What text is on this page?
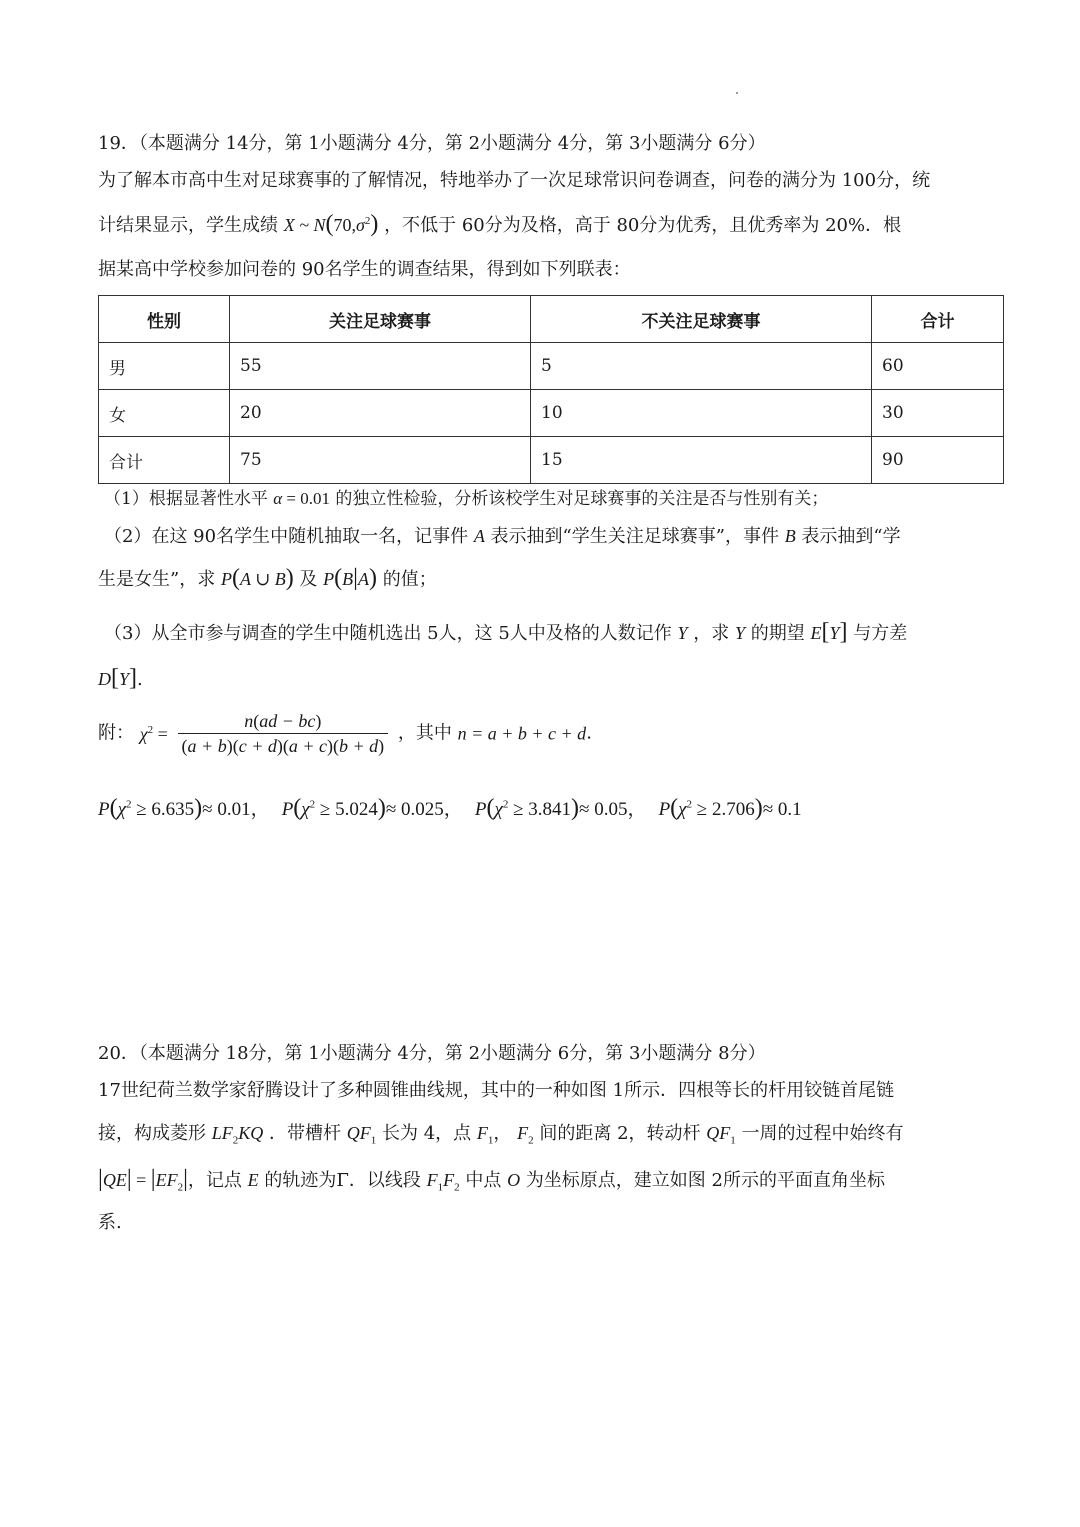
19．（本题满分 14分，第 1小题满分 4分，第 2小题满分 4分，第 3小题满分 6分）
为了解本市高中生对足球赛事的了解情况，特地举办了一次足球常识问卷调查，问卷的满分为 100分，统
计结果显示，学生成绩 X ~ $N(70,\sigma^2)$ ，不低于 60分为及格，高于 80分为优秀，且优秀率为 20%．根
据某高中学校参加问卷的 90名学生的调查结果，得到如下列联表：
性别	关注足球赛事	不关注足球赛事	合计
男	55	5	60
女	20	10	30
合计	75	15	90
（1）根据显著性水平 α = 0.01 的独立性检验，分析该校学生对足球赛事的关注是否与性别有关；
（2）在这 90名学生中随机抽取一名，记事件 A 表示抽到“学生关注足球赛事”，事件 B 表示抽到“学
生是女生”，求 P(A ∪ B) 及 P(B|A) 的值；
（3）从全市参与调查的学生中随机选出 5人，这 5人中及格的人数记作 Y ，求 Y 的期望 E[Y] 与方差
D[Y].
附： $\chi^2 = \frac{n(ad - bc)}{(a + b)(c + d)(a + c)(b + d)}$ ，其中 n = a + b + c + d.
$P(\chi^2 \ge 6.635)\approx 0.01$， $P(\chi^2 \ge 5.024)\approx 0.025$， $P(\chi^2 \ge 3.841)\approx 0.05$， $P(\chi^2 \ge 2.706)\approx 0.1$
20．（本题满分 18分，第 1小题满分 4分，第 2小题满分 6分，第 3小题满分 8分）
17世纪荷兰数学家舒腾设计了多种圆锥曲线规，其中的一种如图 1所示．四根等长的杆用铰链首尾链
接，构成菱形 $LF_2KQ$ ．带槽杆 $QF_1$ 长为 4，点 $F_1$， $F_2$ 间的距离 2，转动杆 $QF_1$ 一周的过程中始终有
$|QE| = |EF_2|$，记点 E 的轨迹为Γ．以线段 $F_1F_2$ 中点 O 为坐标原点，建立如图 2所示的平面直角坐标
系.
